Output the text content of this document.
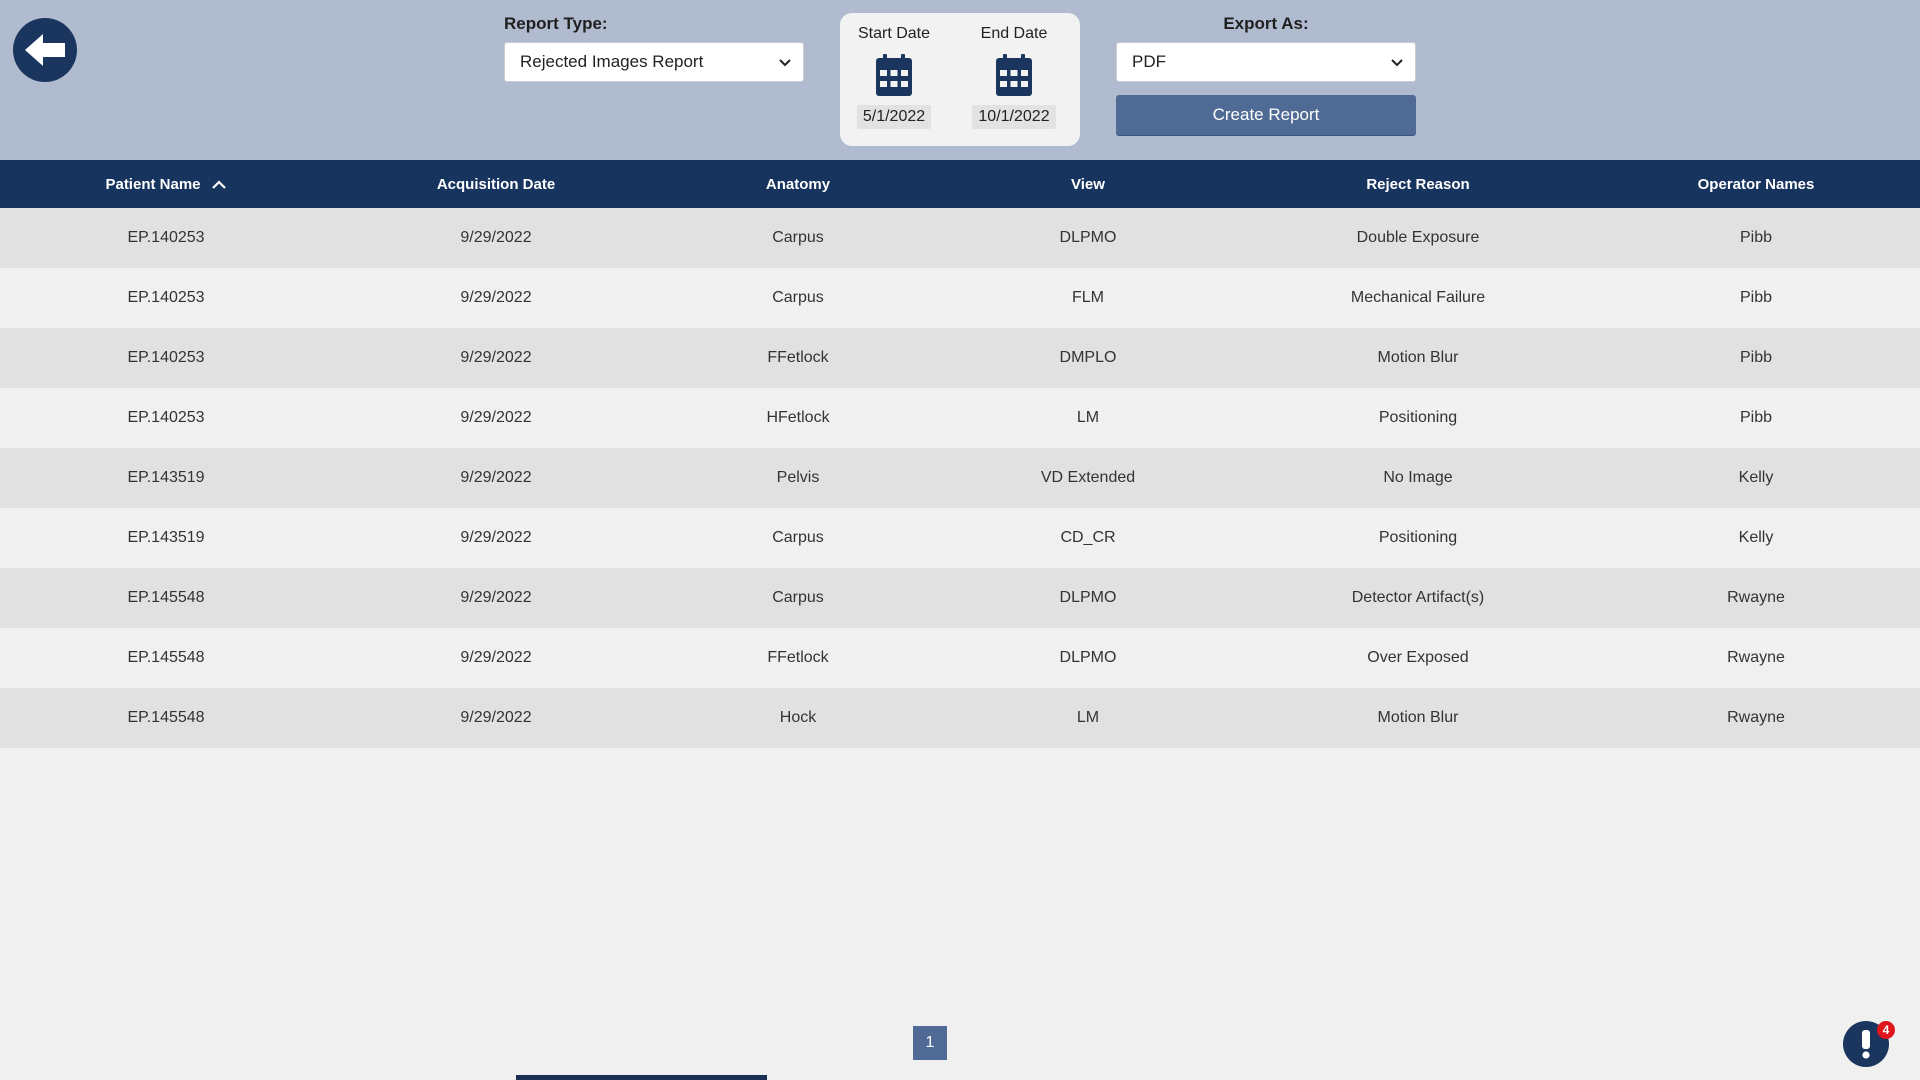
Report Type:
Rejected Images Report
Start Date
5/1/2022
End Date
10/1/2022
Export As:
PDF
Create Report
Patient Name	Acquisition Date	Anatomy	View	Reject Reason	Operator Names
EP.140253	9/29/2022	Carpus	DLPMO	Double Exposure	Pibb
EP.140253	9/29/2022	Carpus	FLM	Mechanical Failure	Pibb
EP.140253	9/29/2022	FFetlock	DMPLO	Motion Blur	Pibb
EP.140253	9/29/2022	HFetlock	LM	Positioning	Pibb
EP.143519	9/29/2022	Pelvis	VD Extended	No Image	Kelly
EP.143519	9/29/2022	Carpus	CD_CR	Positioning	Kelly
EP.145548	9/29/2022	Carpus	DLPMO	Detector Artifact(s)	Rwayne
EP.145548	9/29/2022	FFetlock	DLPMO	Over Exposed	Rwayne
EP.145548	9/29/2022	Hock	LM	Motion Blur	Rwayne
1
4
